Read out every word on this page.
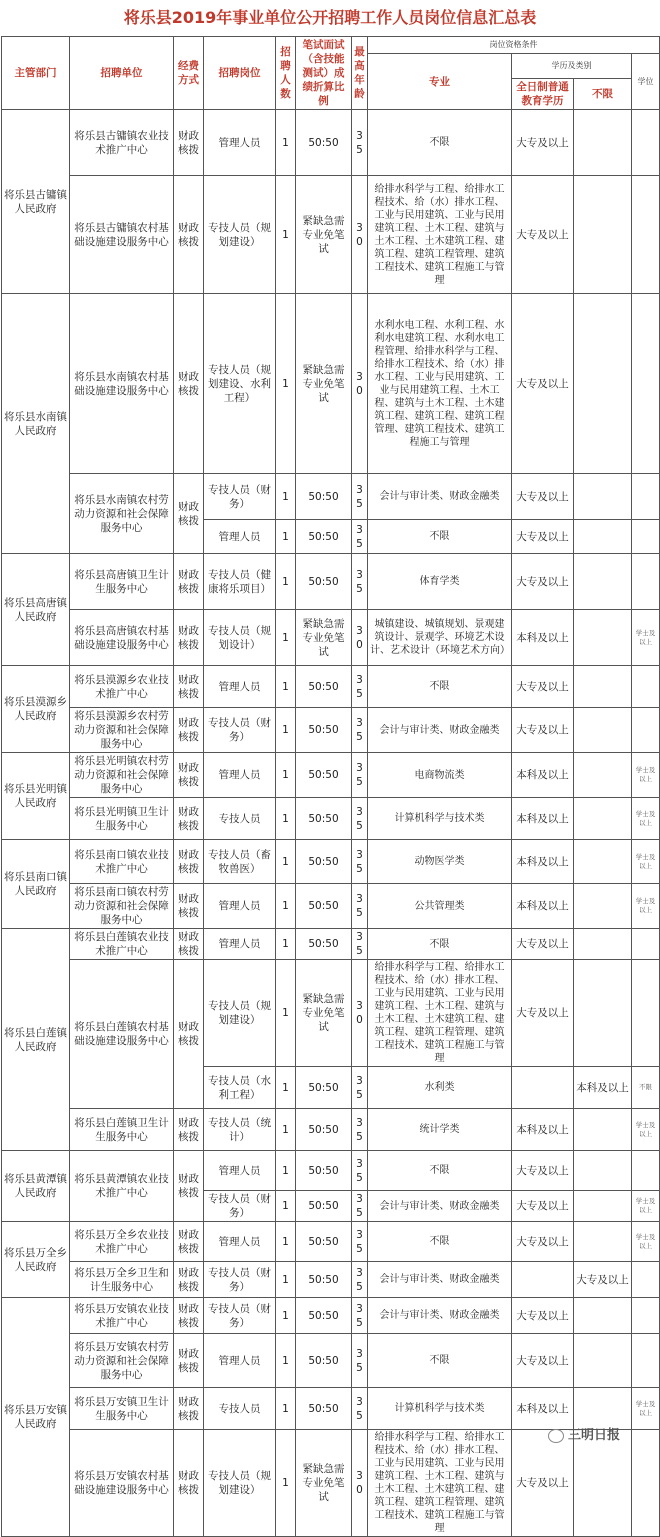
将乐县2019年事业单位公开招聘工作人员岗位信息汇总表
主管部门	招聘单位	经费方式	招聘岗位	招聘人数	笔试面试（含技能测试）成绩折算比例	最高年龄	岗位资格条件			
							专业	学历及类别		学位
								全日制普通教育学历	不限	
将乐县古镛镇人民政府	将乐县古镛镇农业技术推广中心	财政核拨	管理人员	1	50:50	35	不限	大专及以上		
	将乐县古镛镇农村基础设施建设服务中心	财政核拨	专技人员（规划建设）	1	紧缺急需专业免笔试	30	给排水科学与工程、给排水工程技术、给（水）排水工程、工业与民用建筑、工业与民用建筑工程、土木工程、建筑与土木工程、土木建筑工程、建筑工程、建筑工程管理、建筑工程技术、建筑工程施工与管理	大专及以上		
将乐县水南镇人民政府	将乐县水南镇农村基础设施建设服务中心	财政核拨	专技人员（规划建设、水利工程）	1	紧缺急需专业免笔试	30	水利水电工程、水利工程、水利水电建筑工程、水利水电工程管理、给排水科学与工程、给排水工程技术、给（水）排水工程、工业与民用建筑、工业与民用建筑工程、土木工程、建筑与土木工程、土木建筑工程、建筑工程、建筑工程管理、建筑工程技术、建筑工程施工与管理	大专及以上		
	将乐县水南镇农村劳动力资源和社会保障服务中心	财政核拨	专技人员（财务）	1	50:50	35	会计与审计类、财政金融类	大专及以上		
			管理人员	1	50:50	35	不限	大专及以上		
将乐县高唐镇人民政府	将乐县高唐镇卫生计生服务中心	财政核拨	专技人员（健康将乐项目）	1	50:50	35	体育学类	大专及以上		
	将乐县高唐镇农村基础设施建设服务中心	财政核拨	专技人员（规划设计）	1	紧缺急需专业免笔试	30	城镇建设、城镇规划、景观建筑设计、景观学、环境艺术设计、艺术设计（环境艺术方向）	本科及以上		学士及以上
将乐县漠源乡人民政府	将乐县漠源乡农业技术推广中心	财政核拨	管理人员	1	50:50	35	不限	大专及以上		
	将乐县漠源乡农村劳动力资源和社会保障服务中心	财政核拨	专技人员（财务）	1	50:50	35	会计与审计类、财政金融类	大专及以上		
将乐县光明镇人民政府	将乐县光明镇农村劳动力资源和社会保障服务中心	财政核拨	管理人员	1	50:50	35	电商物流类	本科及以上		学士及以上
	将乐县光明镇卫生计生服务中心	财政核拨	专技人员	1	50:50	35	计算机科学与技术类	本科及以上		学士及以上
将乐县南口镇人民政府	将乐县南口镇农业技术推广中心	财政核拨	专技人员（畜牧兽医）	1	50:50	35	动物医学类	本科及以上		学士及以上
	将乐县南口镇农村劳动力资源和社会保障服务中心	财政核拨	管理人员	1	50:50	35	公共管理类	本科及以上		学士及以上
将乐县白莲镇人民政府	将乐县白莲镇农业技术推广中心	财政核拨	管理人员	1	50:50	35	不限	大专及以上		
	将乐县白莲镇农村基础设施建设服务中心	财政核拨	专技人员（规划建设）	1	紧缺急需专业免笔试	30	给排水科学与工程、给排水工程技术、给（水）排水工程、工业与民用建筑、工业与民用建筑工程、土木工程、建筑与土木工程、土木建筑工程、建筑工程、建筑工程管理、建筑工程技术、建筑工程施工与管理	大专及以上		
			专技人员（水利工程）	1	50:50	35	水利类		本科及以上	不限
	将乐县白莲镇卫生计生服务中心	财政核拨	专技人员（统计）	1	50:50	35	统计学类	本科及以上		学士及以上
将乐县黄潭镇人民政府	将乐县黄潭镇农业技术推广中心	财政核拨	管理人员	1	50:50	35	不限	大专及以上		
			专技人员（财务）	1	50:50	35	会计与审计类、财政金融类	大专及以上		学士及以上
将乐县万全乡人民政府	将乐县万全乡农业技术推广中心	财政核拨	管理人员	1	50:50	35	不限	大专及以上		学士及以上
	将乐县万全乡卫生和计生服务中心	财政核拨	专技人员（财务）	1	50:50	35	会计与审计类、财政金融类		大专及以上	
将乐县万安镇人民政府	将乐县万安镇农业技术推广中心	财政核拨	专技人员（财务）	1	50:50	35	会计与审计类、财政金融类	大专及以上		
	将乐县万安镇农村劳动力资源和社会保障服务中心	财政核拨	管理人员	1	50:50	35	不限	大专及以上		
	将乐县万安镇卫生计生服务中心	财政核拨	专技人员	1	50:50	35	计算机科学与技术类	本科及以上		学士及以上
	将乐县万安镇农村基础设施建设服务中心	财政核拨	专技人员（规划建设）	1	紧缺急需专业免笔试	30	给排水科学与工程、给排水工程技术、给（水）排水工程、工业与民用建筑、工业与民用建筑工程、土木工程、建筑与土木工程、土木建筑工程、建筑工程、建筑工程管理、建筑工程技术、建筑工程施工与管理	大专及以上		
三明日报
